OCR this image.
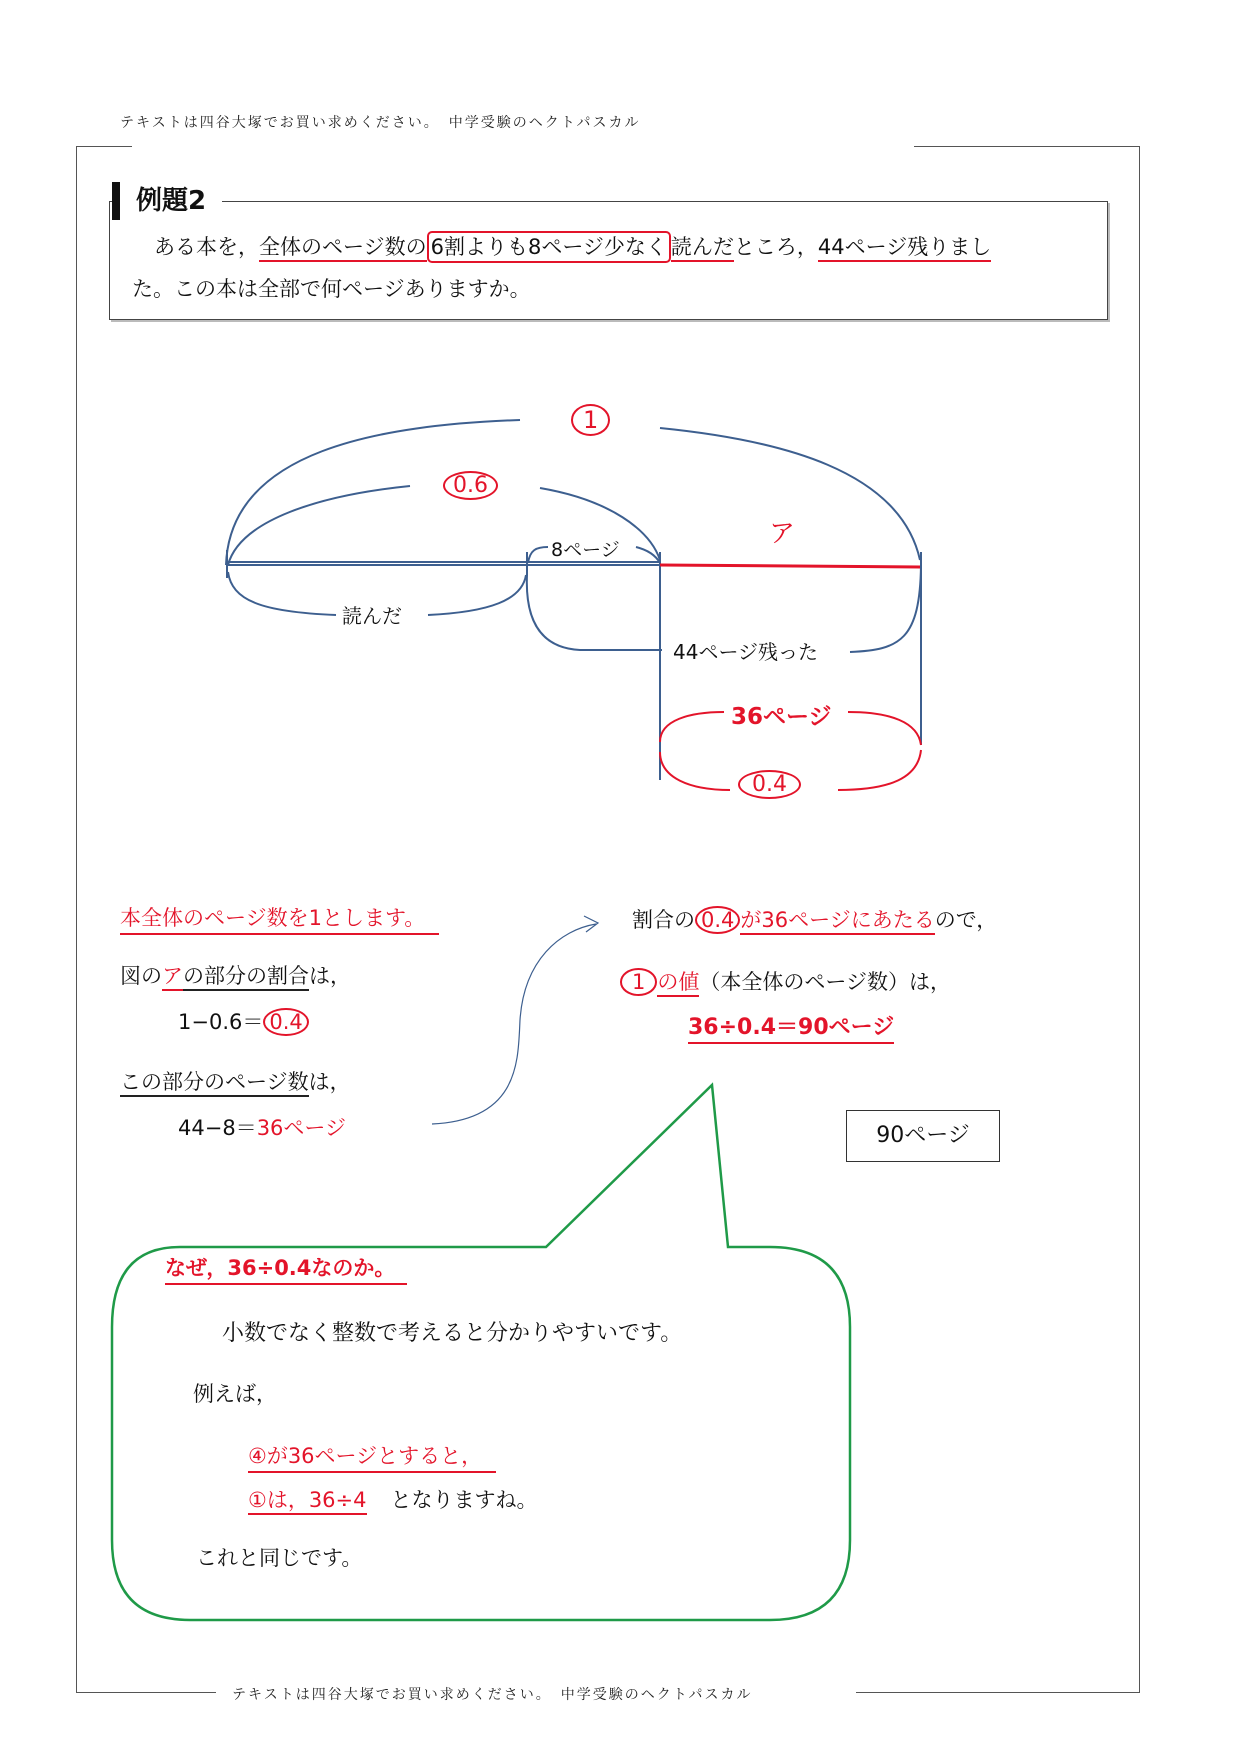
テキストは四谷大塚でお買い求めください。　中学受験のヘクトパスカル
テキストは四谷大塚でお買い求めください。　中学受験のヘクトパスカル
例題2
ある本を，全体のページ数の 6割よりも8ページ少なく 読んだところ，44ページ残りまし
た。この本は全部で何ページありますか。
1
0.6
ア
8ページ
読んだ
44ページ残った
36ページ
0.4
本全体のページ数を1とします。
図のアの部分の割合は，
1−0.6＝ 0.4
この部分のページ数は，
44−8＝36ページ
割合の 0.4 が36ページにあたるので，
1 の値（本全体のページ数）は，
36÷0.4＝90ページ
90ページ
なぜ，36÷0.4なのか。
小数でなく整数で考えると分かりやすいです。
例えば，
④が36ページとすると，
①は，36÷4 となりますね。
これと同じです。
